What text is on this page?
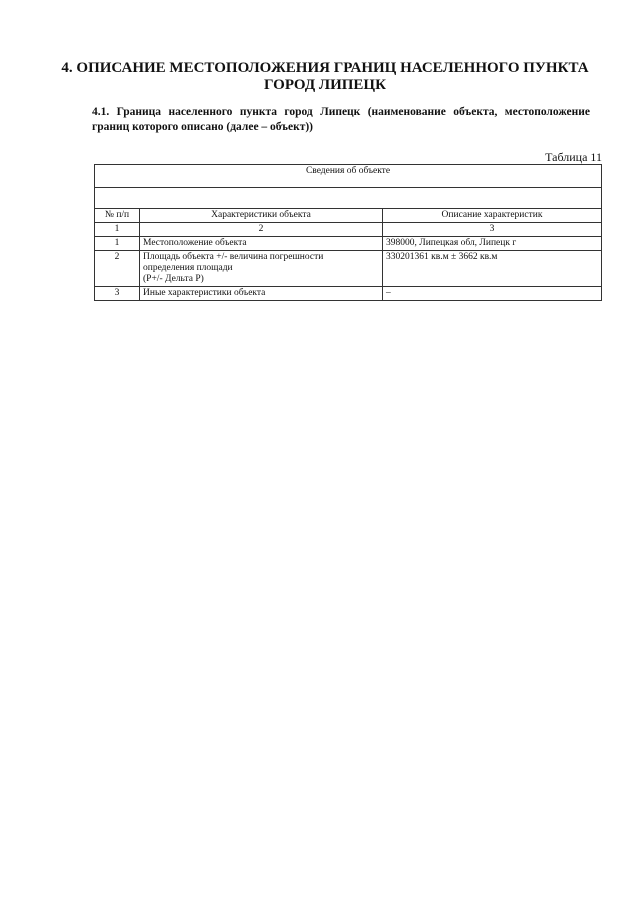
4. ОПИСАНИЕ МЕСТОПОЛОЖЕНИЯ ГРАНИЦ НАСЕЛЕННОГО ПУНКТА
ГОРОД ЛИПЕЦК
4.1. Граница населенного пункта город Липецк (наименование объекта, местоположение границ которого описано (далее – объект))
Таблица 11
Сведения об объекте		

№ п/п	Характеристики объекта	Описание характеристик
1	2	3
1	Местоположение объекта	398000, Липецкая обл, Липецк г
2	Площадь объекта +/- величина погрешности
определения площади
(P+/- Дельта P)	330201361 кв.м ± 3662 кв.м
3	Иные характеристики объекта	–
